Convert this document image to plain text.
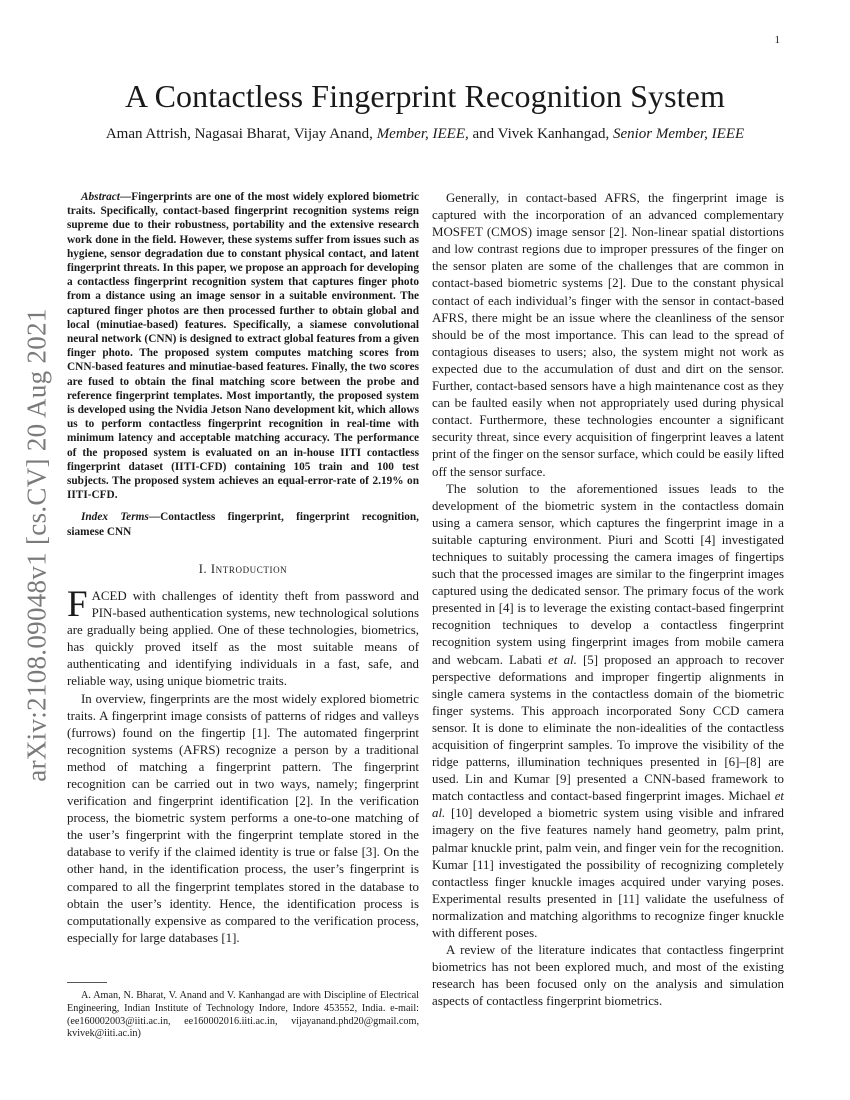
1
arXiv:2108.09048v1 [cs.CV] 20 Aug 2021
A Contactless Fingerprint Recognition System
Aman Attrish, Nagasai Bharat, Vijay Anand, Member, IEEE, and Vivek Kanhangad, Senior Member, IEEE

Abstract—Fingerprints are one of the most widely explored biometric traits. Specifically, contact-based fingerprint recognition systems reign supreme due to their robustness, portability and the extensive research work done in the field. However, these systems suffer from issues such as hygiene, sensor degradation due to constant physical contact, and latent fingerprint threats. In this paper, we propose an approach for developing a contactless fingerprint recognition system that captures finger photo from a distance using an image sensor in a suitable environment. The captured finger photos are then processed further to obtain global and local (minutiae-based) features. Specifically, a siamese convolutional neural network (CNN) is designed to extract global features from a given finger photo. The proposed system computes matching scores from CNN-based features and minutiae-based features. Finally, the two scores are fused to obtain the final matching score between the probe and reference fingerprint templates. Most importantly, the proposed system is developed using the Nvidia Jetson Nano development kit, which allows us to perform contactless fingerprint recognition in real-time with minimum latency and acceptable matching accuracy. The performance of the proposed system is evaluated on an in-house IITI contactless fingerprint dataset (IITI-CFD) containing 105 train and 100 test subjects. The proposed system achieves an equal-error-rate of 2.19% on IITI-CFD.

Index Terms—Contactless fingerprint, fingerprint recognition, siamese CNN

I. Introduction

FACED with challenges of identity theft from password and PIN-based authentication systems, new technological solutions are gradually being applied. One of these technologies, biometrics, has quickly proved itself as the most suitable means of authenticating and identifying individuals in a fast, safe, and reliable way, using unique biometric traits.

In overview, fingerprints are the most widely explored biometric traits. A fingerprint image consists of patterns of ridges and valleys (furrows) found on the fingertip [1]. The automated fingerprint recognition systems (AFRS) recognize a person by a traditional method of matching a fingerprint pattern. The fingerprint recognition can be carried out in two ways, namely; fingerprint verification and fingerprint identification [2]. In the verification process, the biometric system performs a one-to-one matching of the user’s fingerprint with the fingerprint template stored in the database to verify if the claimed identity is true or false [3]. On the other hand, in the identification process, the user’s fingerprint is compared to all the fingerprint templates stored in the database to obtain the user’s identity. Hence, the identification process is computationally expensive as compared to the verification process, especially for large databases [1].

A. Aman, N. Bharat, V. Anand and V. Kanhangad are with Discipline of Electrical Engineering, Indian Institute of Technology Indore, Indore 453552, India. e-mail:(ee160002003@iiti.ac.in, ee160002016.iiti.ac.in, vijayanand.phd20@gmail.com, kvivek@iiti.ac.in)

Generally, in contact-based AFRS, the fingerprint image is captured with the incorporation of an advanced complementary MOSFET (CMOS) image sensor [2]. Non-linear spatial distortions and low contrast regions due to improper pressures of the finger on the sensor platen are some of the challenges that are common in contact-based biometric systems [2]. Due to the constant physical contact of each individual’s finger with the sensor in contact-based AFRS, there might be an issue where the cleanliness of the sensor should be of the most importance. This can lead to the spread of contagious diseases to users; also, the system might not work as expected due to the accumulation of dust and dirt on the sensor. Further, contact-based sensors have a high maintenance cost as they can be faulted easily when not appropriately used during physical contact. Furthermore, these technologies encounter a significant security threat, since every acquisition of fingerprint leaves a latent print of the finger on the sensor surface, which could be easily lifted off the sensor surface.

The solution to the aforementioned issues leads to the development of the biometric system in the contactless domain using a camera sensor, which captures the fingerprint image in a suitable capturing environment. Piuri and Scotti [4] investigated techniques to suitably processing the camera images of fingertips such that the processed images are similar to the fingerprint images captured using the dedicated sensor. The primary focus of the work presented in [4] is to leverage the existing contact-based fingerprint recognition techniques to develop a contactless fingerprint recognition system using fingerprint images from mobile camera and webcam. Labati et al. [5] proposed an approach to recover perspective deformations and improper fingertip alignments in single camera systems in the contactless domain of the biometric finger systems. This approach incorporated Sony CCD camera sensor. It is done to eliminate the non-idealities of the contactless acquisition of fingerprint samples. To improve the visibility of the ridge patterns, illumination techniques presented in [6]–[8] are used. Lin and Kumar [9] presented a CNN-based framework to match contactless and contact-based fingerprint images. Michael et al. [10] developed a biometric system using visible and infrared imagery on the five features namely hand geometry, palm print, palmar knuckle print, palm vein, and finger vein for the recognition. Kumar [11] investigated the possibility of recognizing completely contactless finger knuckle images acquired under varying poses. Experimental results presented in [11] validate the usefulness of normalization and matching algorithms to recognize finger knuckle with different poses.

A review of the literature indicates that contactless fingerprint biometrics has not been explored much, and most of the existing research has been focused only on the analysis and simulation aspects of contactless fingerprint biometrics.
